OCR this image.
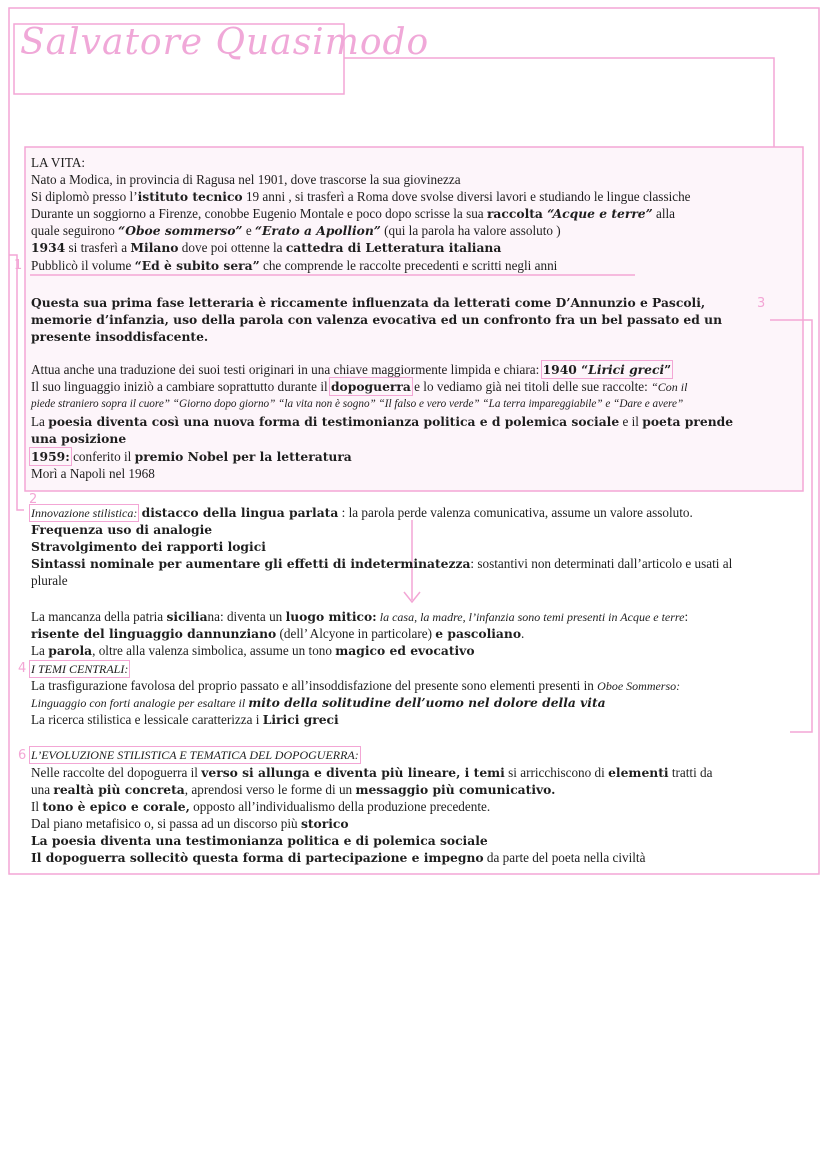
Salvatore Quasimodo
1
3
2
4
6
LA VITA:
Nato a Modica, in provincia di Ragusa nel 1901, dove trascorse la sua giovinezza
Si diplomò presso l’istituto tecnico 19 anni , si trasferì a Roma dove svolse diversi lavori e studiando le lingue classiche
Durante un soggiorno a Firenze, conobbe Eugenio Montale e poco dopo scrisse la sua raccolta “Acque e terre” alla
quale seguirono “Oboe sommerso” e “Erato a Apollion” (qui la parola ha valore assoluto )
1934 si trasferì a Milano dove poi ottenne la cattedra di Letteratura italiana
Pubblicò il volume “Ed è subito sera” che comprende le raccolte precedenti e scritti negli anni
Questa sua prima fase letteraria è riccamente influenzata da letterati come D’Annunzio e Pascoli,
memorie d’infanzia, uso della parola con valenza evocativa ed un confronto fra un bel passato ed un
presente insoddisfacente.
Attua anche una traduzione dei suoi testi originari in una chiave maggiormente limpida e chiara: 1940 “Lirici greci”
Il suo linguaggio iniziò a cambiare soprattutto durante il dopoguerra e lo vediamo già nei titoli delle sue raccolte: “Con il
piede straniero sopra il cuore” “Giorno dopo giorno” “la vita non è sogno” “Il falso e vero verde” “La terra impareggiabile” e “Dare e avere”
La poesia diventa così una nuova forma di testimonianza politica e d polemica sociale e il poeta prende
una posizione
1959: conferito il premio Nobel per la letteratura
Morì a Napoli nel 1968
Innovazione stilistica: distacco della lingua parlata : la parola perde valenza comunicativa, assume un valore assoluto.
Frequenza uso di analogie
Stravolgimento dei rapporti logici
Sintassi nominale per aumentare gli effetti di indeterminatezza: sostantivi non determinati dall’articolo e usati al
plurale
La mancanza della patria siciliana: diventa un luogo mitico: la casa, la madre, l’infanzia sono temi presenti in Acque e terre:
risente del linguaggio dannunziano (dell’ Alcyone in particolare) e pascoliano.
La parola, oltre alla valenza simbolica, assume un tono magico ed evocativo
I TEMI CENTRALI:
La trasfigurazione favolosa del proprio passato e all’insoddisfazione del presente sono elementi presenti in Oboe Sommerso:
Linguaggio con forti analogie per esaltare il mito della solitudine dell’uomo nel dolore della vita
La ricerca stilistica e lessicale caratterizza i Lirici greci
L’EVOLUZIONE STILISTICA E TEMATICA DEL DOPOGUERRA:
Nelle raccolte del dopoguerra il verso si allunga e diventa più lineare, i temi si arricchiscono di elementi tratti da
una realtà più concreta, aprendosi verso le forme di un messaggio più comunicativo.
Il tono è epico e corale, opposto all’individualismo della produzione precedente.
Dal piano metafisico o, si passa ad un discorso più storico
La poesia diventa una testimonianza politica e di polemica sociale
Il dopoguerra sollecitò questa forma di partecipazione e impegno da parte del poeta nella civiltà
